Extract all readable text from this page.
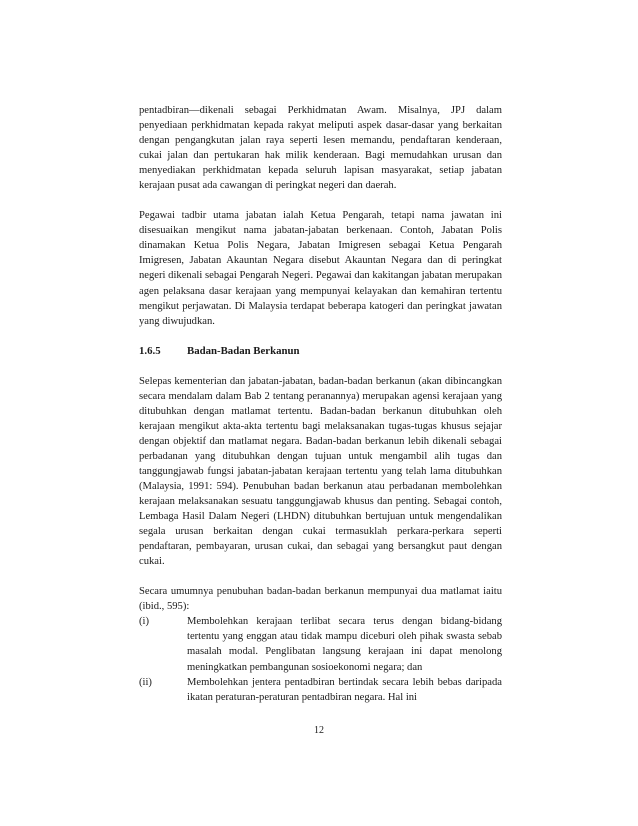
pentadbiran—dikenali sebagai Perkhidmatan Awam. Misalnya, JPJ dalam penyediaan perkhidmatan kepada rakyat meliputi aspek dasar-dasar yang berkaitan dengan pengangkutan jalan raya seperti lesen memandu, pendaftaran kenderaan, cukai jalan dan pertukaran hak milik kenderaan. Bagi memudahkan urusan dan menyediakan perkhidmatan kepada seluruh lapisan masyarakat, setiap jabatan kerajaan pusat ada cawangan di peringkat negeri dan daerah.

Pegawai tadbir utama jabatan ialah Ketua Pengarah, tetapi nama jawatan ini disesuaikan mengikut nama jabatan-jabatan berkenaan. Contoh, Jabatan Polis dinamakan Ketua Polis Negara, Jabatan Imigresen sebagai Ketua Pengarah Imigresen, Jabatan Akauntan Negara disebut Akauntan Negara dan di peringkat negeri dikenali sebagai Pengarah Negeri. Pegawai dan kakitangan jabatan merupakan agen pelaksana dasar kerajaan yang mempunyai kelayakan dan kemahiran tertentu mengikut perjawatan. Di Malaysia terdapat beberapa katogeri dan peringkat jawatan yang diwujudkan.

1.6.5	Badan-Badan Berkanun

Selepas kementerian dan jabatan-jabatan, badan-badan berkanun (akan dibincangkan secara mendalam dalam Bab 2 tentang peranannya) merupakan agensi kerajaan yang ditubuhkan dengan matlamat tertentu. Badan-badan berkanun ditubuhkan oleh kerajaan mengikut akta-akta tertentu bagi melaksanakan tugas-tugas khusus sejajar dengan objektif dan matlamat negara. Badan-badan berkanun lebih dikenali sebagai perbadanan yang ditubuhkan dengan tujuan untuk mengambil alih tugas dan tanggungjawab fungsi jabatan-jabatan kerajaan tertentu yang telah lama ditubuhkan (Malaysia, 1991: 594). Penubuhan badan berkanun atau perbadanan membolehkan kerajaan melaksanakan sesuatu tanggungjawab khusus dan penting. Sebagai contoh, Lembaga Hasil Dalam Negeri (LHDN) ditubuhkan bertujuan untuk mengendalikan segala urusan berkaitan dengan cukai termasuklah perkara-perkara seperti pendaftaran, pembayaran, urusan cukai, dan sebagai yang bersangkut paut dengan cukai.

Secara umumnya penubuhan badan-badan berkanun mempunyai dua matlamat iaitu (ibid., 595):

(i)	Membolehkan kerajaan terlibat secara terus dengan bidang-bidang tertentu yang enggan atau tidak mampu diceburi oleh pihak swasta sebab masalah modal. Penglibatan langsung kerajaan ini dapat menolong meningkatkan pembangunan sosioekonomi negara; dan
(ii)	Membolehkan jentera pentadbiran bertindak secara lebih bebas daripada ikatan peraturan-peraturan pentadbiran negara. Hal ini
12
